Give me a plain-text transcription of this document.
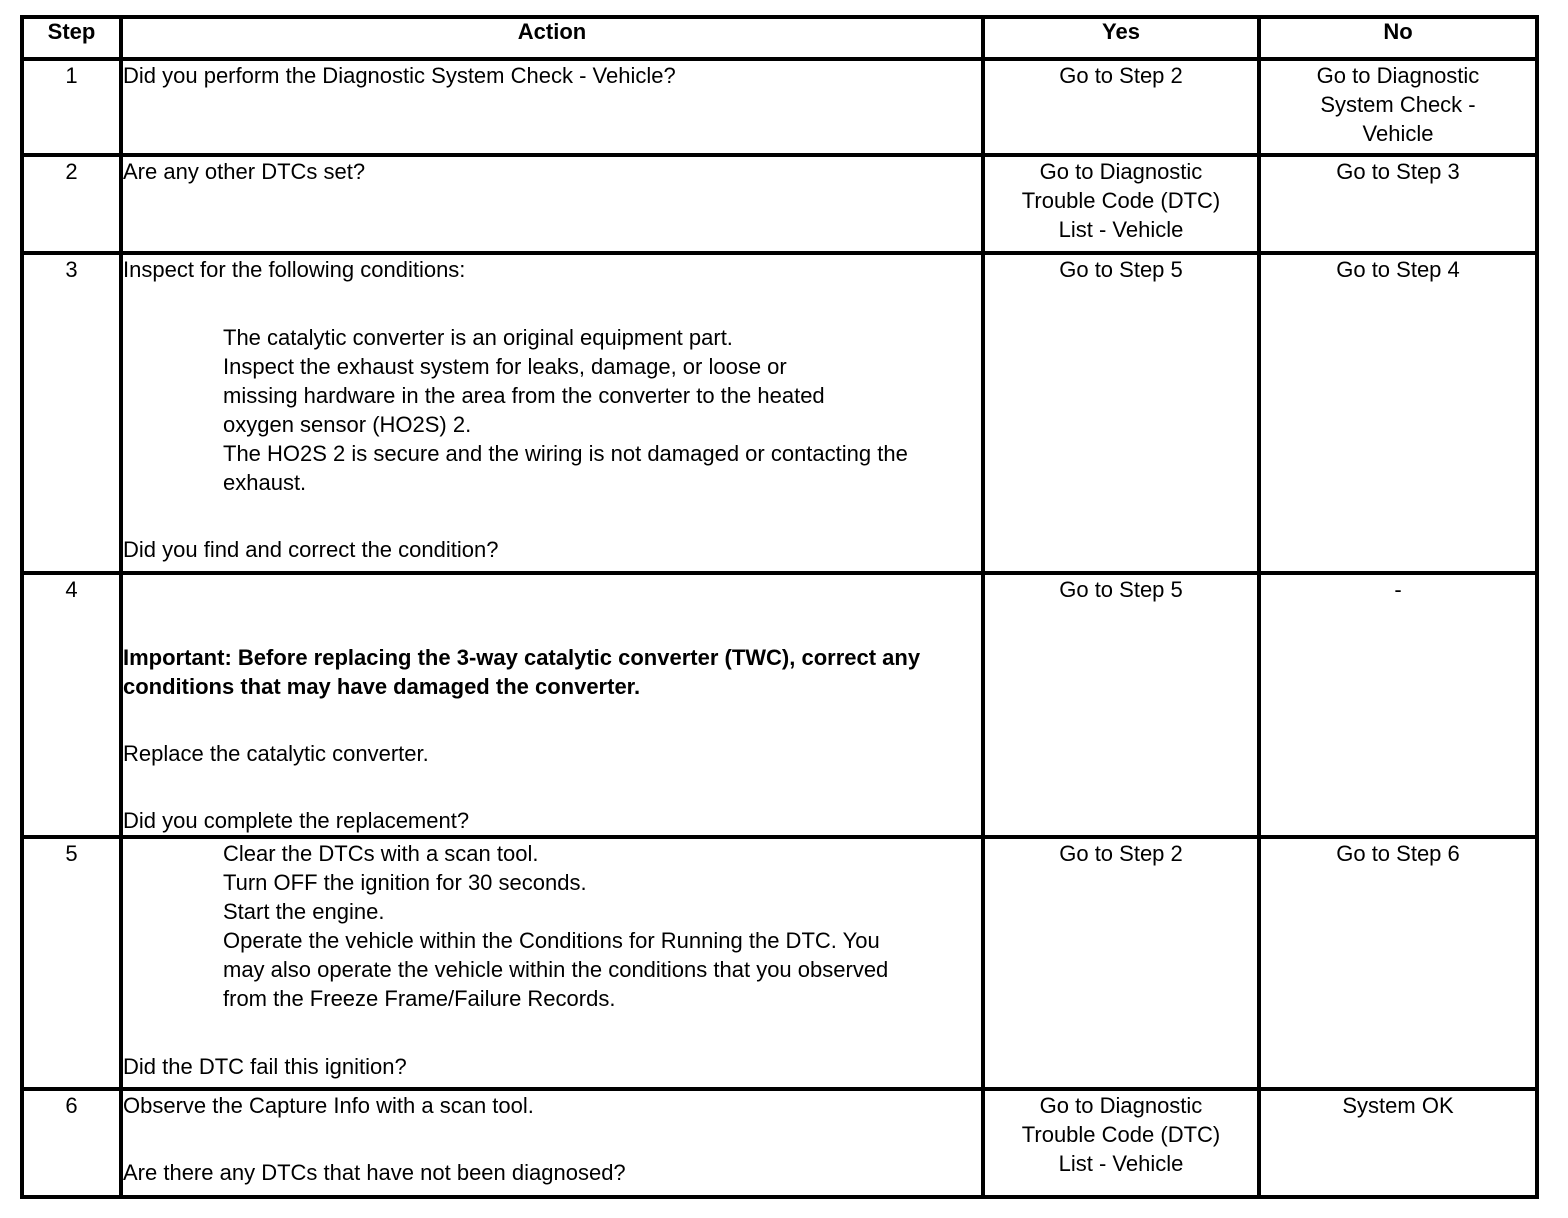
Step	Action	Yes	No
1	Did you perform the Diagnostic System Check - Vehicle?	Go to Step 2	Go to Diagnostic
System Check -
Vehicle

2	Are any other DTCs set?	Go to Diagnostic
Trouble Code (DTC)
List - Vehicle	Go to Step 3
3	Inspect for the following conditions:
The catalytic converter is an original equipment part.
Inspect the exhaust system for leaks, damage, or loose or missing hardware in the area from the converter to the heated oxygen sensor (HO2S) 2.
The HO2S 2 is secure and the wiring is not damaged or contacting the exhaust.
Did you find and correct the condition?	Go to Step 5	Go to Step 4
4	Important: Before replacing the 3-way catalytic converter (TWC), correct any conditions that may have damaged the converter.
Replace the catalytic converter.
Did you complete the replacement?	Go to Step 5	-
5	Clear the DTCs with a scan tool.
Turn OFF the ignition for 30 seconds.
Start the engine.
Operate the vehicle within the Conditions for Running the DTC. You may also operate the vehicle within the conditions that you observed from the Freeze Frame/Failure Records.
Did the DTC fail this ignition?	Go to Step 2	Go to Step 6
6	Observe the Capture Info with a scan tool.
Are there any DTCs that have not been diagnosed?	Go to Diagnostic
Trouble Code (DTC)
List - Vehicle	System OK
